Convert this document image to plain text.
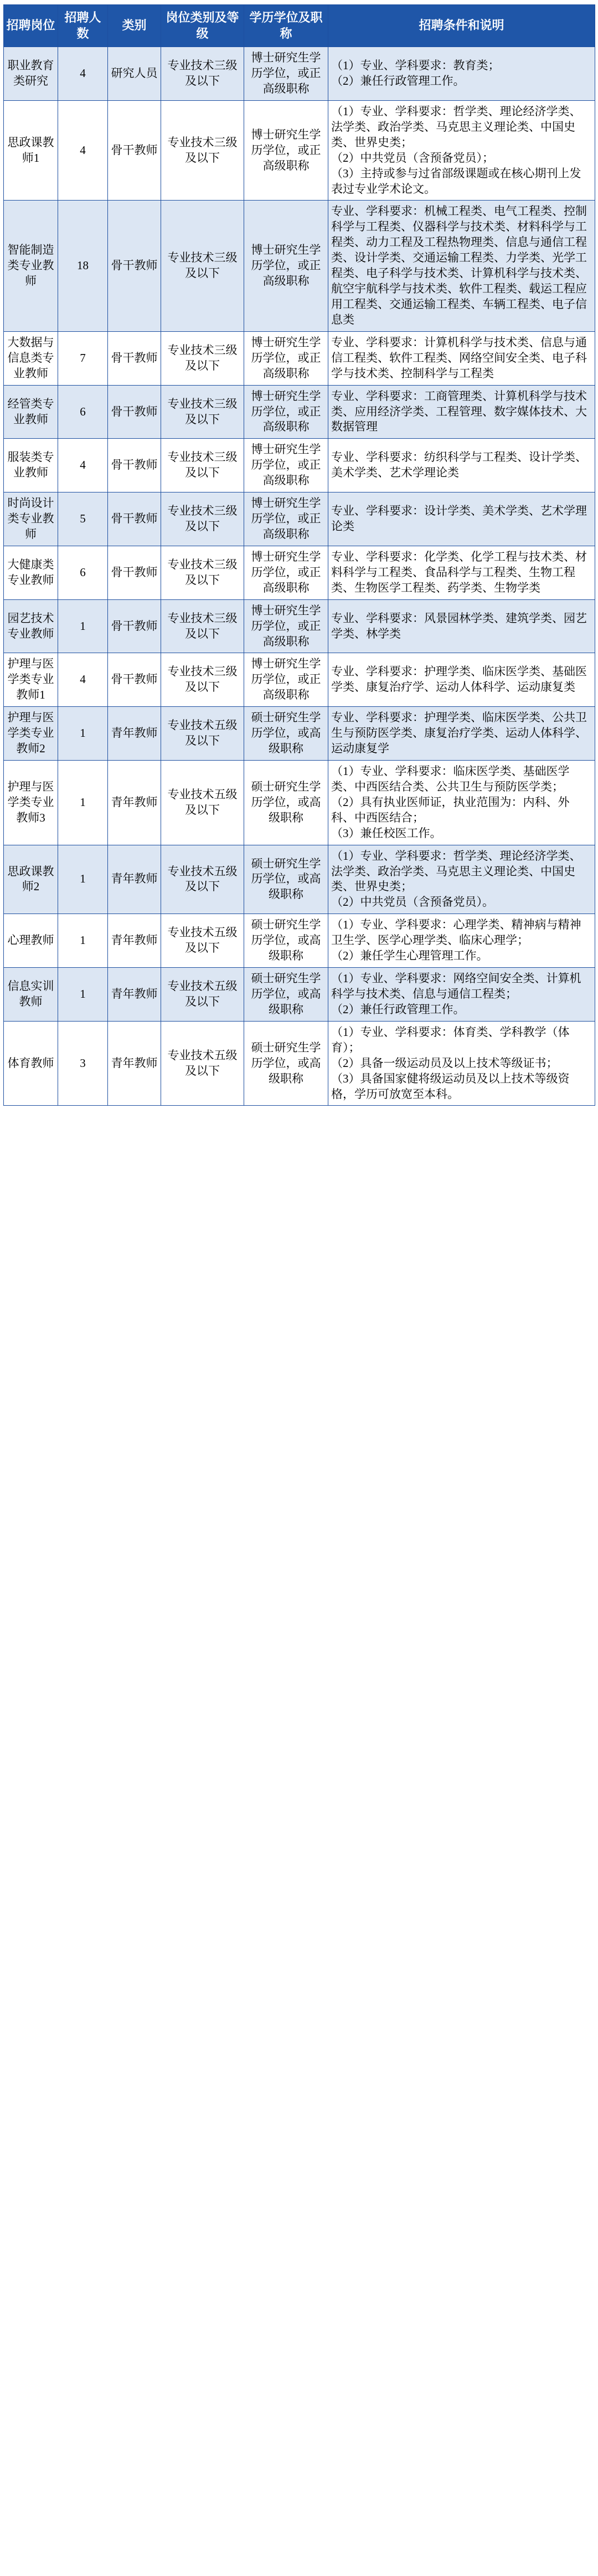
招聘岗位	招聘人数	类别	岗位类别及等级	学历学位及职称	招聘条件和说明
职业教育类研究	4	研究人员	专业技术三级及以下	博士研究生学历学位，或正高级职称	（1）专业、学科要求：教育类；
（2）兼任行政管理工作。
思政课教师1	4	骨干教师	专业技术三级及以下	博士研究生学历学位，或正高级职称	（1）专业、学科要求：哲学类、理论经济学类、法学类、政治学类、马克思主义理论类、中国史类、世界史类；
（2）中共党员（含预备党员）；
（3）主持或参与过省部级课题或在核心期刊上发表过专业学术论文。
智能制造类专业教师	18	骨干教师	专业技术三级及以下	博士研究生学历学位，或正高级职称	专业、学科要求：机械工程类、电气工程类、控制科学与工程类、仪器科学与技术类、材料科学与工程类、动力工程及工程热物理类、信息与通信工程类、设计学类、交通运输工程类、力学类、光学工程类、电子科学与技术类、计算机科学与技术类、航空宇航科学与技术类、软件工程类、载运工程应用工程类、交通运输工程类、车辆工程类、电子信息类
大数据与信息类专业教师	7	骨干教师	专业技术三级及以下	博士研究生学历学位，或正高级职称	专业、学科要求：计算机科学与技术类、信息与通信工程类、软件工程类、网络空间安全类、电子科学与技术类、控制科学与工程类
经管类专业教师	6	骨干教师	专业技术三级及以下	博士研究生学历学位，或正高级职称	专业、学科要求：工商管理类、计算机科学与技术类、应用经济学类、工程管理、数字媒体技术、大数据管理
服装类专业教师	4	骨干教师	专业技术三级及以下	博士研究生学历学位，或正高级职称	专业、学科要求：纺织科学与工程类、设计学类、美术学类、艺术学理论类
时尚设计类专业教师	5	骨干教师	专业技术三级及以下	博士研究生学历学位，或正高级职称	专业、学科要求：设计学类、美术学类、艺术学理论类
大健康类专业教师	6	骨干教师	专业技术三级及以下	博士研究生学历学位，或正高级职称	专业、学科要求：化学类、化学工程与技术类、材料科学与工程类、食品科学与工程类、生物工程类、生物医学工程类、药学类、生物学类
园艺技术专业教师	1	骨干教师	专业技术三级及以下	博士研究生学历学位，或正高级职称	专业、学科要求：风景园林学类、建筑学类、园艺学类、林学类
护理与医学类专业教师1	4	骨干教师	专业技术三级及以下	博士研究生学历学位，或正高级职称	专业、学科要求：护理学类、临床医学类、基础医学类、康复治疗学、运动人体科学、运动康复类
护理与医学类专业教师2	1	青年教师	专业技术五级及以下	硕士研究生学历学位，或高级职称	专业、学科要求：护理学类、临床医学类、公共卫生与预防医学类、康复治疗学类、运动人体科学、运动康复学
护理与医学类专业教师3	1	青年教师	专业技术五级及以下	硕士研究生学历学位，或高级职称	（1）专业、学科要求：临床医学类、基础医学类、中西医结合类、公共卫生与预防医学类；
（2）具有执业医师证，执业范围为：内科、外科、中西医结合；
（3）兼任校医工作。
思政课教师2	1	青年教师	专业技术五级及以下	硕士研究生学历学位，或高级职称	（1）专业、学科要求：哲学类、理论经济学类、法学类、政治学类、马克思主义理论类、中国史类、世界史类；
（2）中共党员（含预备党员）。
心理教师	1	青年教师	专业技术五级及以下	硕士研究生学历学位，或高级职称	（1）专业、学科要求：心理学类、精神病与精神卫生学、医学心理学类、临床心理学；
（2）兼任学生心理管理工作。
信息实训教师	1	青年教师	专业技术五级及以下	硕士研究生学历学位，或高级职称	（1）专业、学科要求：网络空间安全类、计算机科学与技术类、信息与通信工程类；
（2）兼任行政管理工作。
体育教师	3	青年教师	专业技术五级及以下	硕士研究生学历学位，或高级职称	（1）专业、学科要求：体育类、学科教学（体育）；
（2）具备一级运动员及以上技术等级证书；
（3）具备国家健将级运动员及以上技术等级资格，学历可放宽至本科。
